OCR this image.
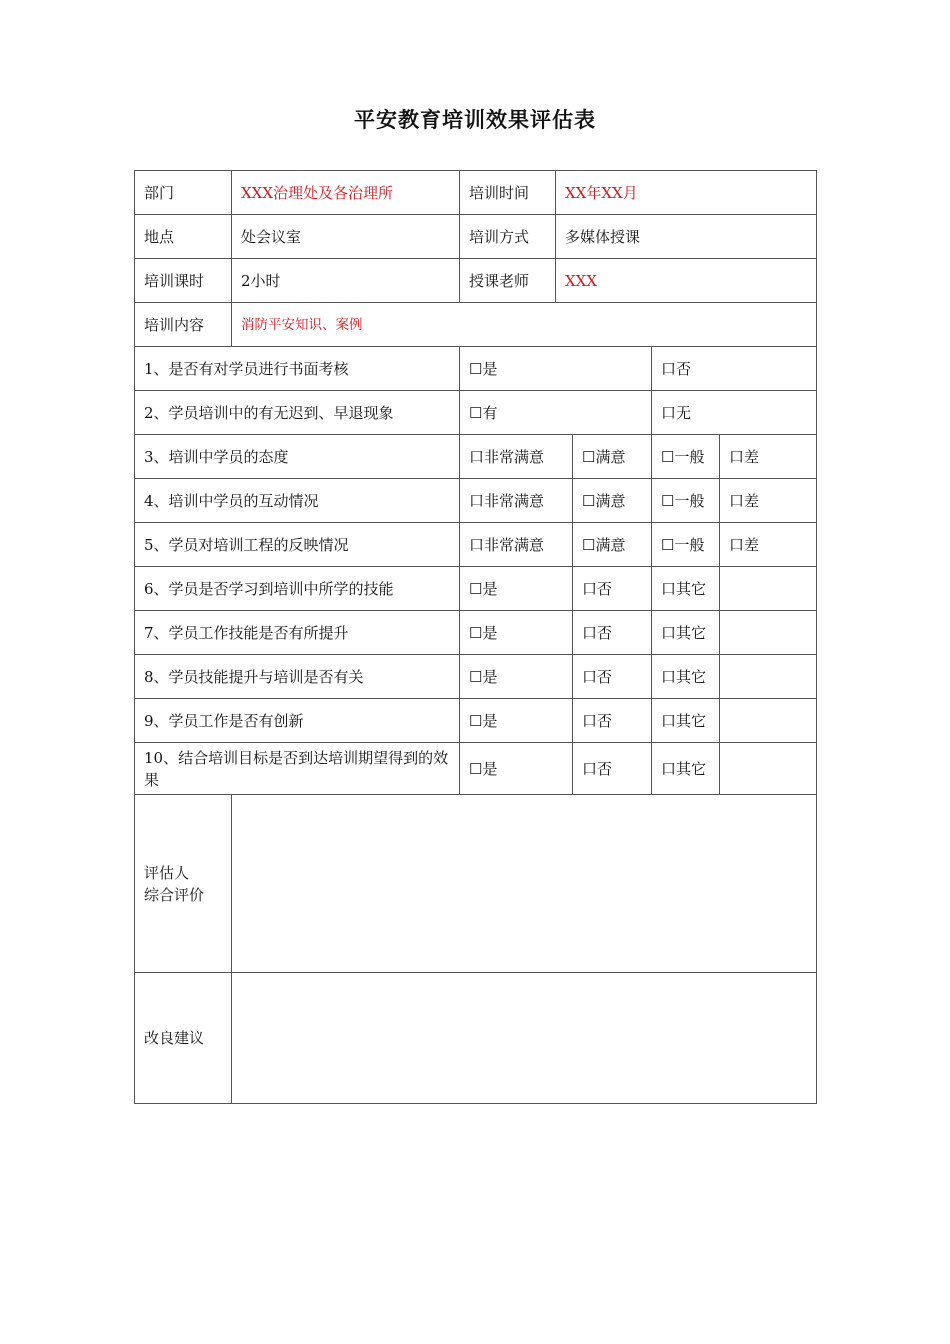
平安教育培训效果评估表
部门	XXX治理处及各治理所	培训时间	XX年XX月			
地点	处会议室	培训方式	多媒体授课			
培训课时	2小时	授课老师	XXX			
培训内容	消防平安知识、案例					
1、是否有对学员进行书面考核		☐是			口否	
2、学员培训中的有无迟到、早退现象		☐有			口无	
3、培训中学员的态度		口非常满意		☐满意	☐一般	口差
4、培训中学员的互动情况		口非常满意		☐满意	☐一般	口差
5、学员对培训工程的反映情况		口非常满意		☐满意	☐一般	口差
6、学员是否学习到培训中所学的技能		☐是		口否	口其它	
7、学员工作技能是否有所提升		☐是		口否	口其它	
8、学员技能提升与培训是否有关		☐是		口否	口其它	
9、学员工作是否有创新		☐是		口否	口其它	
10、结合培训目标是否到达培训期望得到的效果		☐是		口否	口其它	

评估人
综合评价						

改良建议						
